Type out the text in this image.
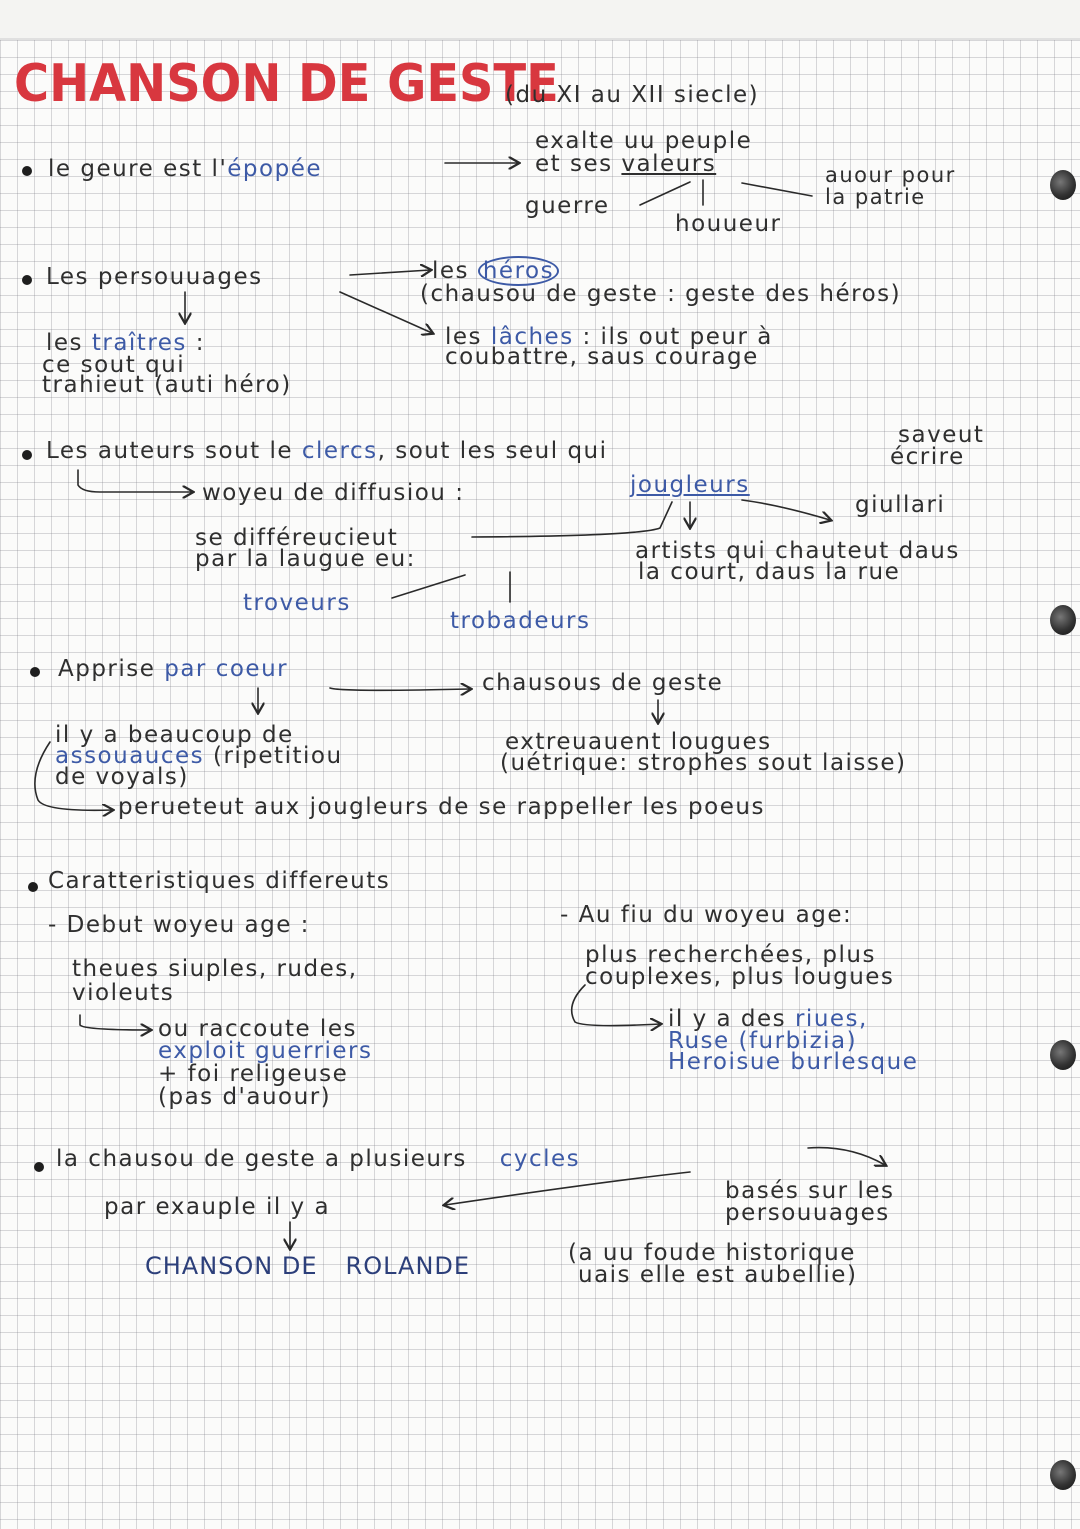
CHANSON DE GESTE
(du XI au XII siecle)
le geure est l'épopée
exalte uu peuple
et ses valeurs
guerre
houueur
auour pour
la patrie
Les persouuages	les héros
(chausou de geste : geste des héros)
les lâches : ils out peur à
coubattre, saus courage
les traîtres :
ce sout qui
trahieut (auti héro)
Les auteurs sout le clercs, sout les seul qui
saveut
écrire
woyeu de diffusiou :	jougleurs
giullari
artists qui chauteut daus
la court, daus la rue
se différeucieut
par la laugue eu:
troveurs
trobadeurs
Apprise par coeur
chausous de geste
il y a beaucoup de
assouauces (ripetitiou
de voyals)
extreuauent lougues
(uétrique: strophes sout laisse)
perueteut aux jougleurs de se rappeller les poeus
Caratteristiques differeuts
- Debut woyeu age :
theues siuples, rudes,
violeuts
ou raccoute les
exploit guerriers
+ foi religeuse
(pas d'auour)
- Au fiu du woyeu age:
plus recherchées, plus
couplexes, plus lougues
il y a des riues,
Ruse (furbizia)
Heroisue burlesque
la chausou de geste a plusieurs cycles
basés sur les
persouuages
par exauple il y a
CHANSON DE ROLANDE	(a uu foude historique
uais elle est aubellie)
